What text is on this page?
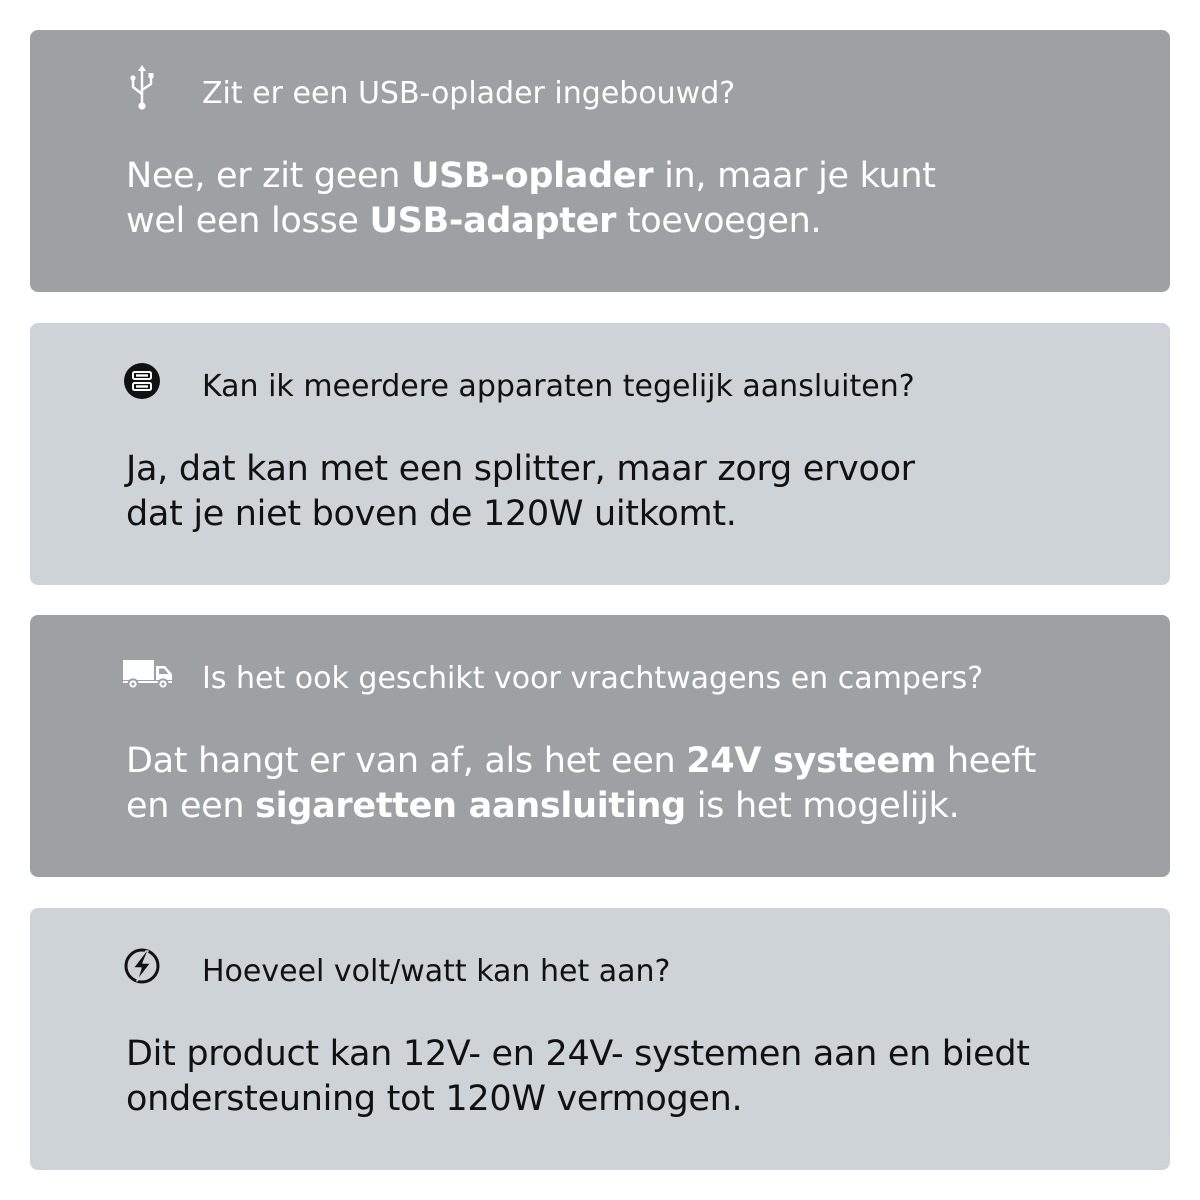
Zit er een USB-oplader ingebouwd?
Nee, er zit geen USB-oplader in, maar je kunt
wel een losse USB-adapter toevoegen.
Kan ik meerdere apparaten tegelijk aansluiten?
Ja, dat kan met een splitter, maar zorg ervoor
dat je niet boven de 120W uitkomt.
Is het ook geschikt voor vrachtwagens en campers?
Dat hangt er van af, als het een 24V systeem heeft
en een sigaretten aansluiting is het mogelijk.
Hoeveel volt/watt kan het aan?
Dit product kan 12V- en 24V- systemen aan en biedt
ondersteuning tot 120W vermogen.
